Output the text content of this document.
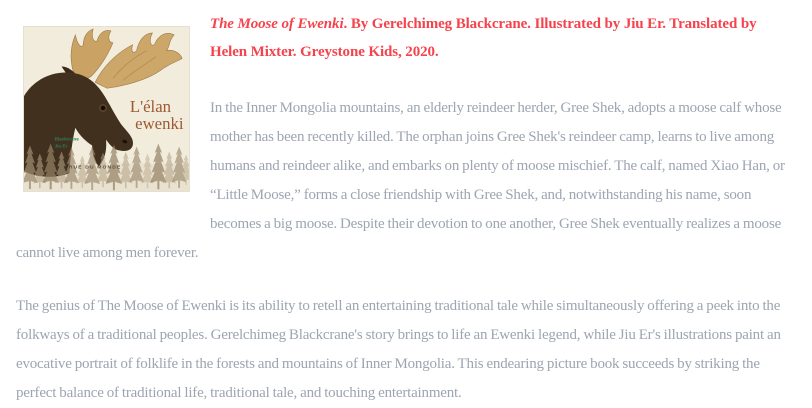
L'élan
ewenki
Blackcrane
Jiu Er
RUE DU MONDE

The Moose of Ewenki. By Gerelchimeg Blackcrane. Illustrated by Jiu Er. Translated by Helen Mixter. Greystone Kids, 2020.

In the Inner Mongolia mountains, an elderly reindeer herder, Gree Shek, adopts a moose calf whose mother has been recently killed. The orphan joins Gree Shek's reindeer camp, learns to live among humans and reindeer alike, and embarks on plenty of moose mischief. The calf, named Xiao Han, or “Little Moose,” forms a close friendship with Gree Shek, and, notwithstanding his name, soon becomes a big moose. Despite their devotion to one another, Gree Shek eventually realizes a moose cannot live among men forever.

The genius of The Moose of Ewenki is its ability to retell an entertaining traditional tale while simultaneously offering a peek into the folkways of a traditional peoples. Gerelchimeg Blackcrane's story brings to life an Ewenki legend, while Jiu Er's illustrations paint an evocative portrait of folklife in the forests and mountains of Inner Mongolia. This endearing picture book succeeds by striking the perfect balance of traditional life, traditional tale, and touching entertainment.
